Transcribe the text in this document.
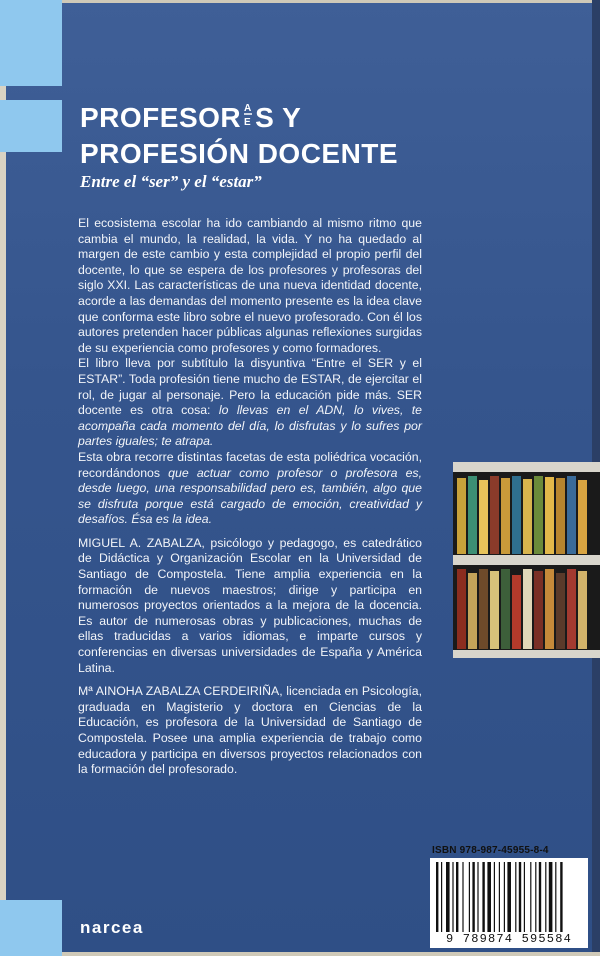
PROFESOR A
E S Y
PROFESIÓN DOCENTE

Entre el “ser” y el “estar”

El ecosistema escolar ha ido cambiando al mismo ritmo que cambia el mundo, la realidad, la vida. Y no ha quedado al margen de este cambio y esta complejidad el propio perfil del docente, lo que se espera de los profesores y profesoras del siglo XXI. Las características de una nueva identidad docente, acorde a las demandas del momento presente es la idea clave que conforma este libro sobre el nuevo profesorado. Con él los autores pretenden hacer públicas algunas reflexiones surgidas de su experiencia como profesores y como formadores.

El libro lleva por subtítulo la disyuntiva “Entre el SER y el ESTAR”. Toda profesión tiene mucho de ESTAR, de ejercitar el rol, de jugar al personaje. Pero la educación pide más. SER docente es otra cosa: lo llevas en el ADN, lo vives, te acompaña cada momento del día, lo disfrutas y lo sufres por partes iguales; te atrapa.

Esta obra recorre distintas facetas de esta poliédrica vocación, recordándonos que actuar como profesor o profesora es, desde luego, una responsabilidad pero es, también, algo que se disfruta porque está cargado de emoción, creatividad y desafíos. Ésa es la idea.

MIGUEL A. ZABALZA, psicólogo y pedagogo, es catedrático de Didáctica y Organización Escolar en la Universidad de Santiago de Compostela. Tiene amplia experiencia en la formación de nuevos maestros; dirige y participa en numerosos proyectos orientados a la mejora de la docencia. Es autor de numerosas obras y publicaciones, muchas de ellas traducidas a varios idiomas, e imparte cursos y conferencias en diversas universidades de España y América Latina.

Mª AINOHA ZABALZA CERDEIRIÑA, licenciada en Psicología, graduada en Magisterio y doctora en Ciencias de la Educación, es profesora de la Universidad de Santiago de Compostela. Posee una amplia experiencia de trabajo como educadora y participa en diversos proyectos relacionados con la formación del profesorado.

narcea
ISBN 978-987-45955-8-4
9 789874 595584
